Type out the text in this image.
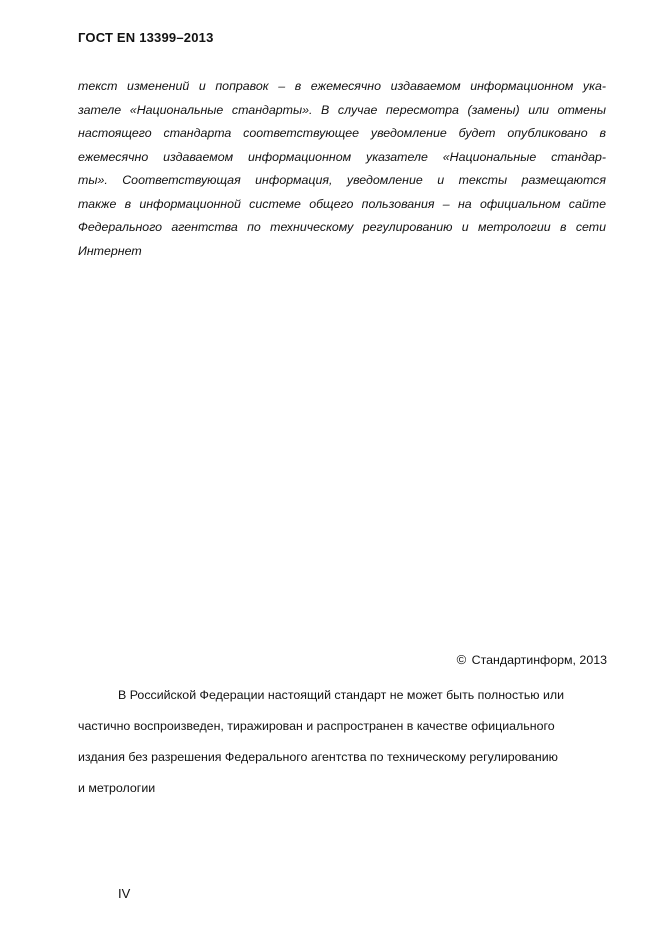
ГОСТ EN 13399–2013
текст изменений и поправок – в ежемесячно издаваемом информационном ука-
зателе «Национальные стандарты». В случае пересмотра (замены) или отмены
настоящего стандарта соответствующее уведомление будет опубликовано в
ежемесячно издаваемом информационном указателе «Национальные стандар-
ты». Соответствующая информация, уведомление и тексты размещаются
также в информационной системе общего пользования – на официальном сайте
Федерального агентства по техническому регулированию и метрологии в сети
Интернет
© Стандартинформ, 2013
В Российской Федерации настоящий стандарт не может быть полностью или
частично воспроизведен, тиражирован и распространен в качестве официального
издания без разрешения Федерального агентства по техническому регулированию
и метрологии
IV
